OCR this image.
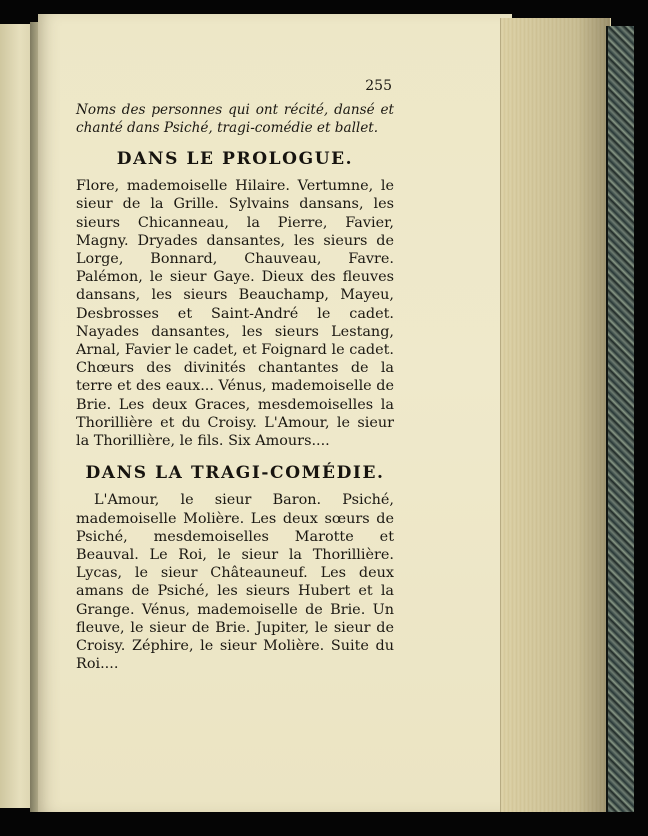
255
Noms des personnes qui ont récité, dansé et chanté dans Psiché, tragi-comédie et ballet.
DANS LE PROLOGUE.
Flore, mademoiselle Hilaire. Vertumne, le sieur de la Grille. Sylvains dansans, les sieurs Chicanneau, la Pierre, Favier, Magny. Dryades dansantes, les sieurs de Lorge, Bonnard, Chauveau, Favre. Palémon, le sieur Gaye. Dieux des fleuves dansans, les sieurs Beauchamp, Mayeu, Desbrosses et Saint-André le cadet. Nayades dansantes, les sieurs Lestang, Arnal, Favier le cadet, et Foignard le cadet. Chœurs des divinités chantantes de la terre et des eaux... Vénus, mademoiselle de Brie. Les deux Graces, mesdemoiselles la Thorillière et du Croisy. L'Amour, le sieur la Thorillière, le fils. Six Amours....
DANS LA TRAGI-COMÉDIE.
L'Amour, le sieur Baron. Psiché, mademoiselle Molière. Les deux sœurs de Psiché, mesdemoiselles Marotte et Beauval. Le Roi, le sieur la Thorillière. Lycas, le sieur Châteauneuf. Les deux amans de Psiché, les sieurs Hubert et la Grange. Vénus, mademoiselle de Brie. Un fleuve, le sieur de Brie. Jupiter, le sieur de Croisy. Zéphire, le sieur Molière. Suite du Roi....
